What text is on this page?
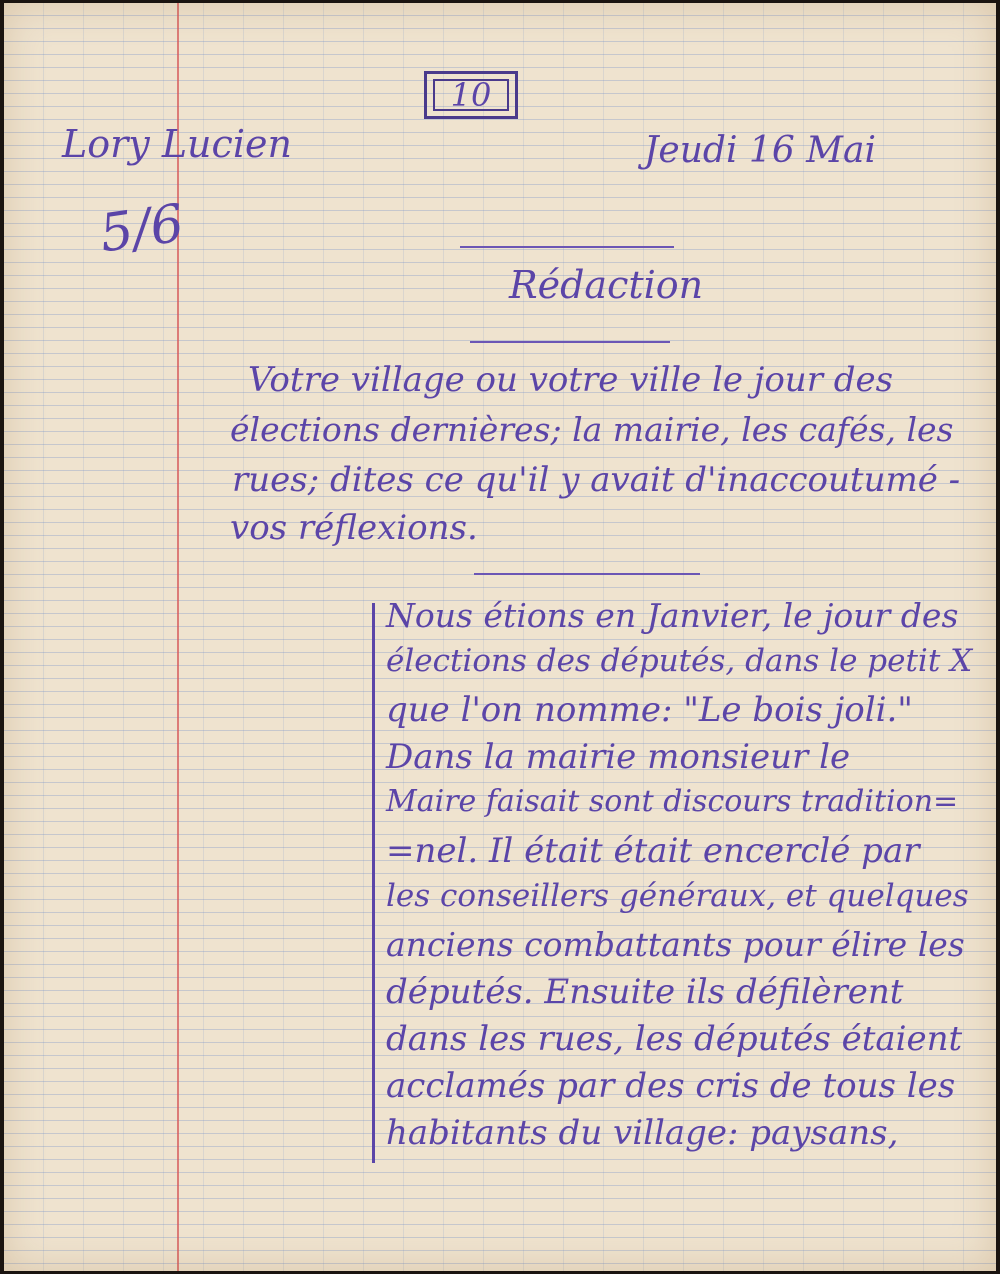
10
Lory Lucien
5/6
Jeudi 16 Mai
Rédaction
Votre village ou votre ville le jour des
élections dernières; la mairie, les cafés, les
rues; dites ce qu'il y avait d'inaccoutumé -
vos réflexions.
Nous étions en Janvier, le jour des
élections des députés, dans le petit X
que l'on nomme: "Le bois joli."
Dans la mairie monsieur le
Maire faisait sont discours tradition=
=nel. Il était était encerclé par
les conseillers généraux, et quelques
anciens combattants pour élire les
députés. Ensuite ils défilèrent
dans les rues, les députés étaient
acclamés par des cris de tous les
habitants du village: paysans,
